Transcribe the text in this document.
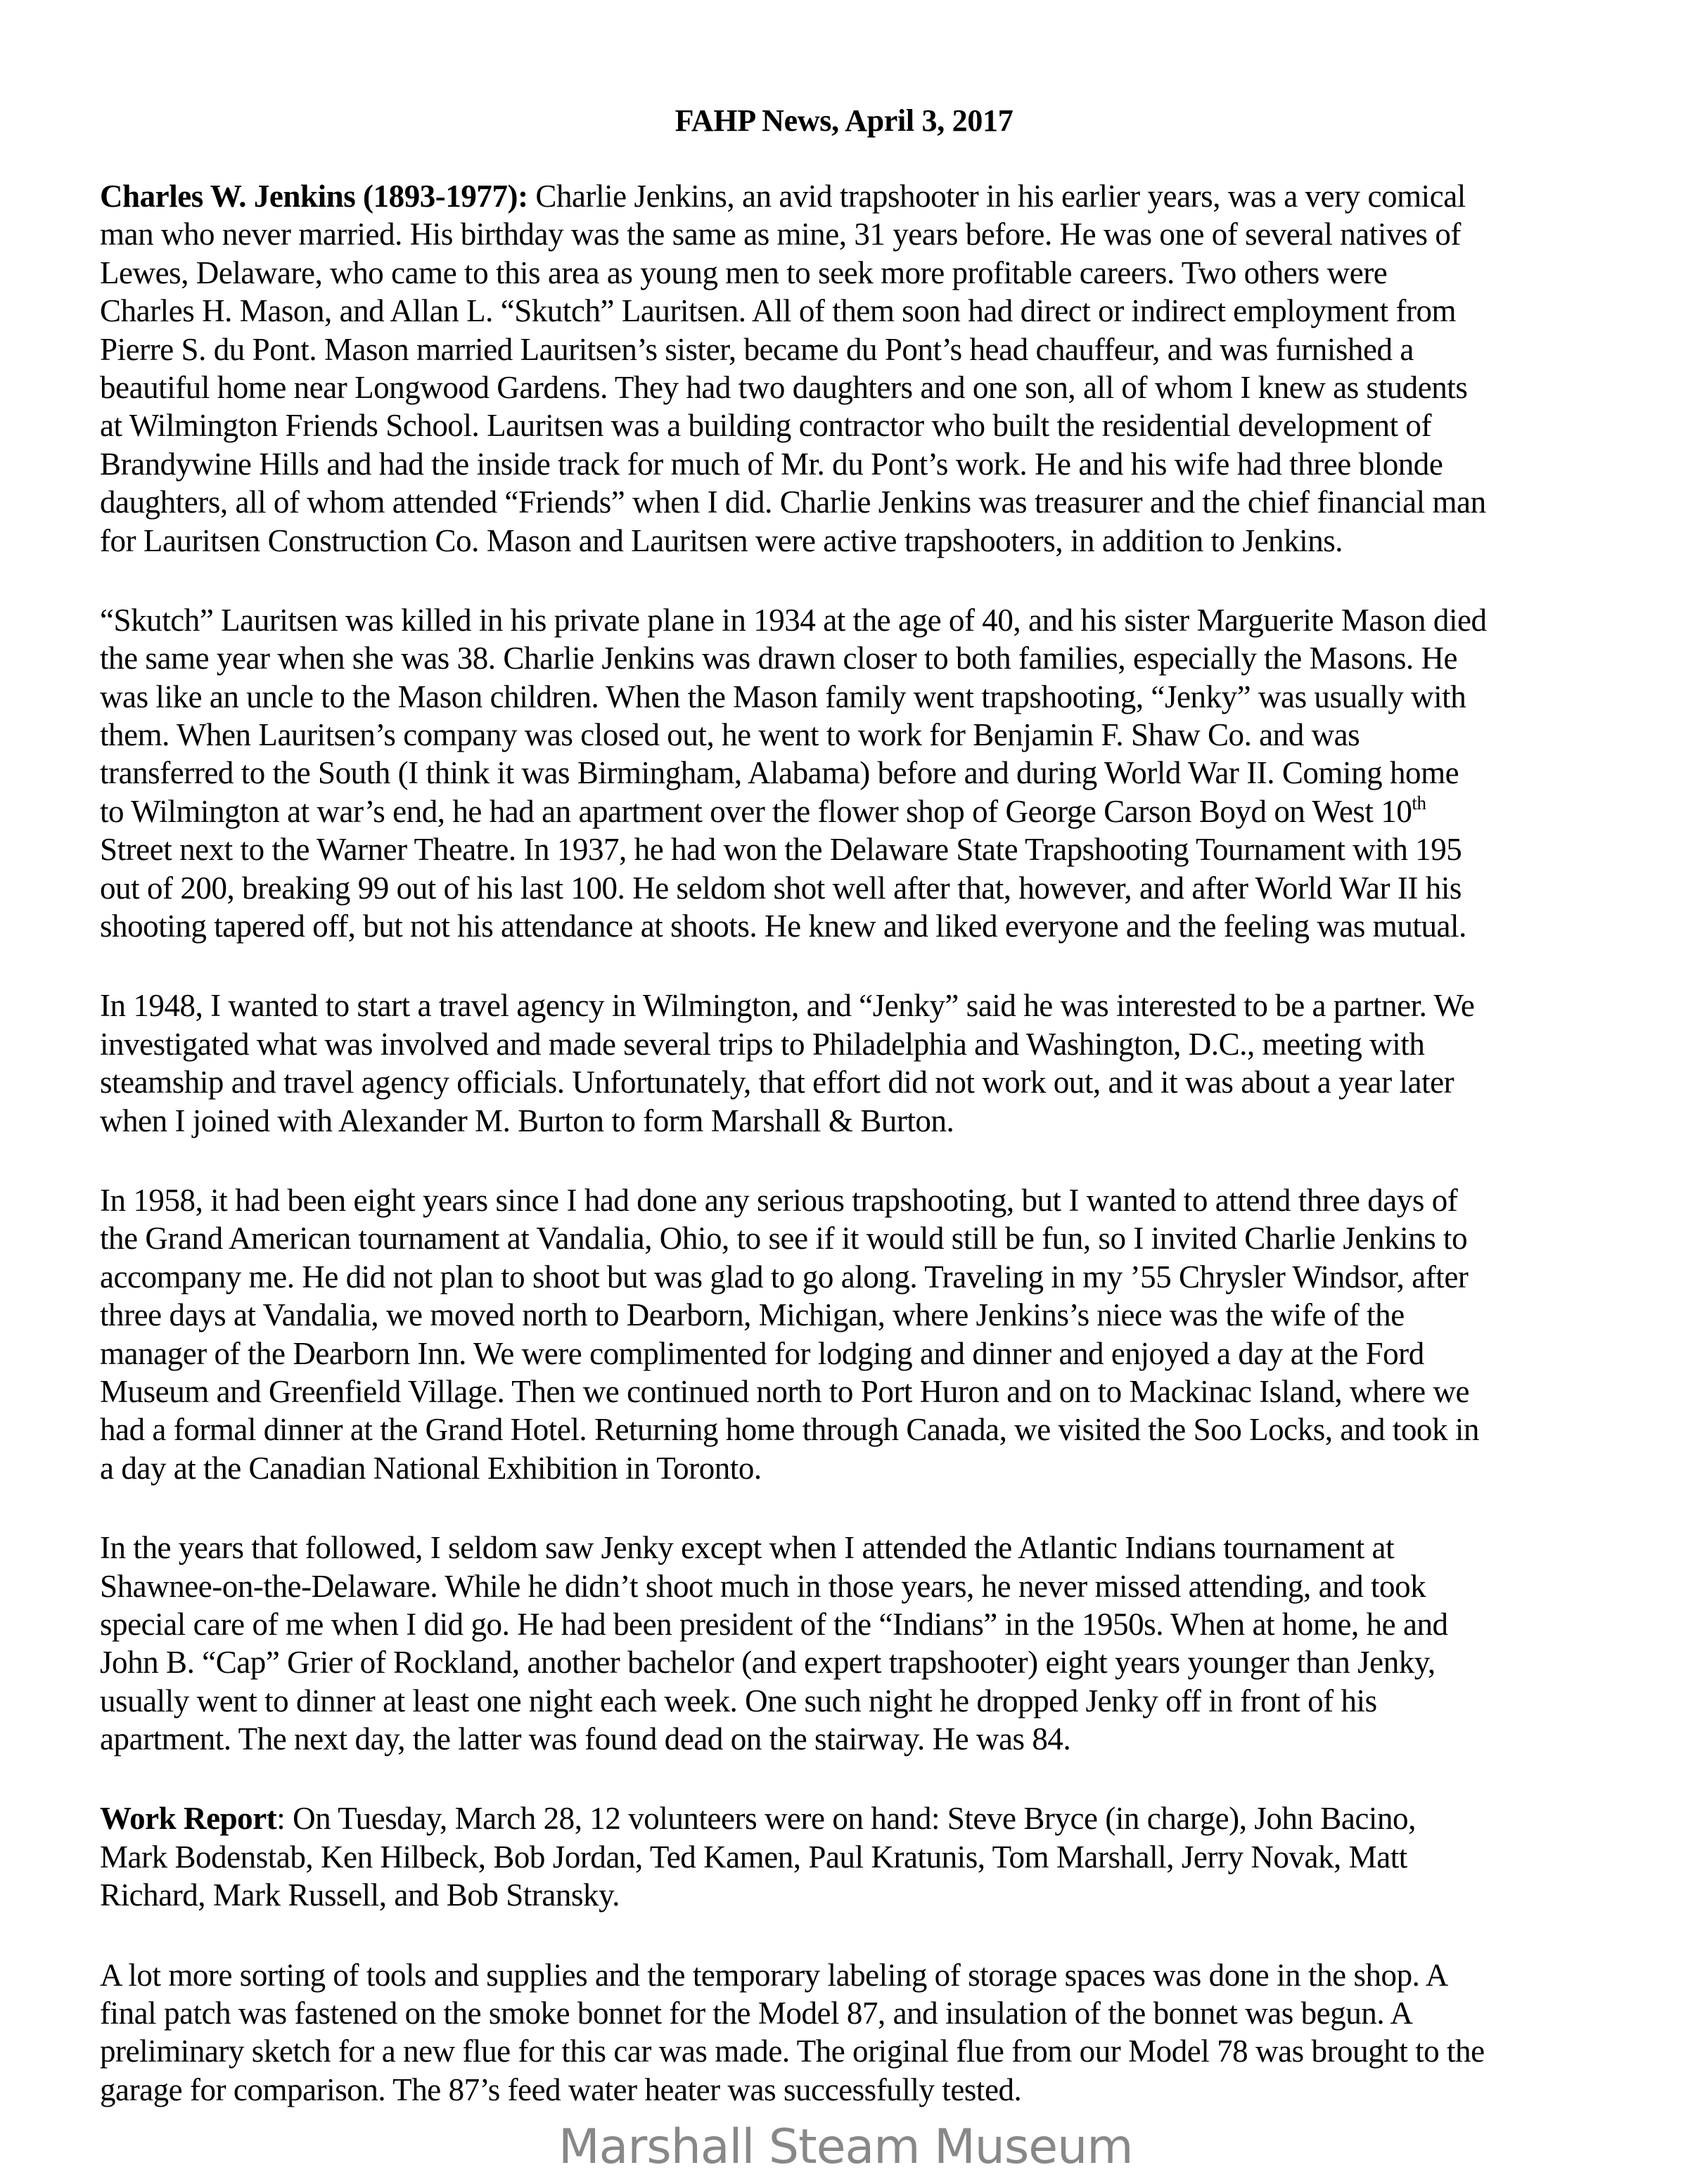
FAHP News, April 3, 2017
Charles W. Jenkins (1893-1977): Charlie Jenkins, an avid trapshooter in his earlier years, was a very comical
man who never married. His birthday was the same as mine, 31 years before. He was one of several natives of
Lewes, Delaware, who came to this area as young men to seek more profitable careers. Two others were
Charles H. Mason, and Allan L. “Skutch” Lauritsen. All of them soon had direct or indirect employment from
Pierre S. du Pont. Mason married Lauritsen’s sister, became du Pont’s head chauffeur, and was furnished a
beautiful home near Longwood Gardens. They had two daughters and one son, all of whom I knew as students
at Wilmington Friends School. Lauritsen was a building contractor who built the residential development of
Brandywine Hills and had the inside track for much of Mr. du Pont’s work. He and his wife had three blonde
daughters, all of whom attended “Friends” when I did. Charlie Jenkins was treasurer and the chief financial man
for Lauritsen Construction Co. Mason and Lauritsen were active trapshooters, in addition to Jenkins.
“Skutch” Lauritsen was killed in his private plane in 1934 at the age of 40, and his sister Marguerite Mason died
the same year when she was 38. Charlie Jenkins was drawn closer to both families, especially the Masons. He
was like an uncle to the Mason children. When the Mason family went trapshooting, “Jenky” was usually with
them. When Lauritsen’s company was closed out, he went to work for Benjamin F. Shaw Co. and was
transferred to the South (I think it was Birmingham, Alabama) before and during World War II. Coming home
to Wilmington at war’s end, he had an apartment over the flower shop of George Carson Boyd on West 10th
Street next to the Warner Theatre. In 1937, he had won the Delaware State Trapshooting Tournament with 195
out of 200, breaking 99 out of his last 100. He seldom shot well after that, however, and after World War II his
shooting tapered off, but not his attendance at shoots. He knew and liked everyone and the feeling was mutual.
In 1948, I wanted to start a travel agency in Wilmington, and “Jenky” said he was interested to be a partner. We
investigated what was involved and made several trips to Philadelphia and Washington, D.C., meeting with
steamship and travel agency officials. Unfortunately, that effort did not work out, and it was about a year later
when I joined with Alexander M. Burton to form Marshall & Burton.
In 1958, it had been eight years since I had done any serious trapshooting, but I wanted to attend three days of
the Grand American tournament at Vandalia, Ohio, to see if it would still be fun, so I invited Charlie Jenkins to
accompany me. He did not plan to shoot but was glad to go along. Traveling in my ’55 Chrysler Windsor, after
three days at Vandalia, we moved north to Dearborn, Michigan, where Jenkins’s niece was the wife of the
manager of the Dearborn Inn. We were complimented for lodging and dinner and enjoyed a day at the Ford
Museum and Greenfield Village. Then we continued north to Port Huron and on to Mackinac Island, where we
had a formal dinner at the Grand Hotel. Returning home through Canada, we visited the Soo Locks, and took in
a day at the Canadian National Exhibition in Toronto.
In the years that followed, I seldom saw Jenky except when I attended the Atlantic Indians tournament at
Shawnee-on-the-Delaware. While he didn’t shoot much in those years, he never missed attending, and took
special care of me when I did go. He had been president of the “Indians” in the 1950s. When at home, he and
John B. “Cap” Grier of Rockland, another bachelor (and expert trapshooter) eight years younger than Jenky,
usually went to dinner at least one night each week. One such night he dropped Jenky off in front of his
apartment. The next day, the latter was found dead on the stairway. He was 84.
Work Report: On Tuesday, March 28, 12 volunteers were on hand: Steve Bryce (in charge), John Bacino,
Mark Bodenstab, Ken Hilbeck, Bob Jordan, Ted Kamen, Paul Kratunis, Tom Marshall, Jerry Novak, Matt
Richard, Mark Russell, and Bob Stransky.
A lot more sorting of tools and supplies and the temporary labeling of storage spaces was done in the shop. A
final patch was fastened on the smoke bonnet for the Model 87, and insulation of the bonnet was begun. A
preliminary sketch for a new flue for this car was made. The original flue from our Model 78 was brought to the
garage for comparison. The 87’s feed water heater was successfully tested.
Marshall Steam Museum
